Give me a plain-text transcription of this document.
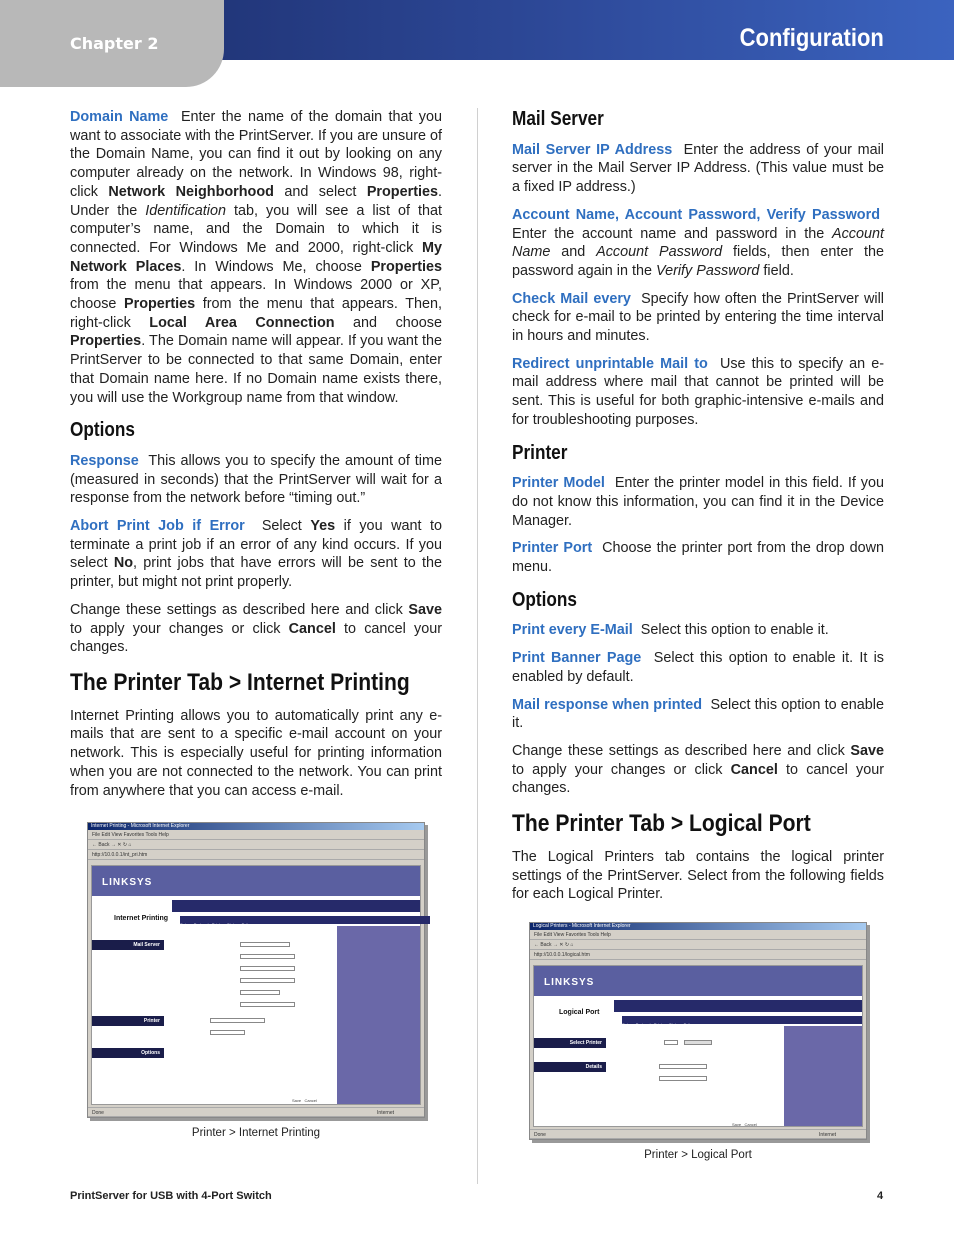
Chapter 2	Configuration

Domain Name Enter the name of the domain that you want to associate with the PrintServer. If you are unsure of the Domain Name, you can find it out by looking on any computer already on the network. In Windows 98, right-click Network Neighborhood and select Properties. Under the Identification tab, you will see a list of that computer’s name, and the Domain to which it is connected. For Windows Me and 2000, right-click My Network Places. In Windows Me, choose Properties from the menu that appears. In Windows 2000 or XP, choose Properties from the menu that appears. Then, right-click Local Area Connection and choose Properties. The Domain name will appear. If you want the PrintServer to be connected to that same Domain, enter that Domain name here. If no Domain name exists there, you will use the Workgroup name from that window.

Options

Response This allows you to specify the amount of time (measured in seconds) that the PrintServer will wait for a response from the network before “timing out.”

Abort Print Job if Error Select Yes if you want to terminate a print job if an error of any kind occurs. If you select No, print jobs that have errors will be sent to the printer, but might not print properly.

Change these settings as described here and click Save to apply your changes or click Cancel to cancel your changes.

The Printer Tab > Internet Printing

Internet Printing allows you to automatically print any e-mails that are sent to a specific e-mail account on your network. This is especially useful for printing information when you are not connected to the network. You can print from anywhere that you can access e-mail.

Internet Printing - Microsoft Internet Explorer
File Edit View Favorites Tools Help
← Back → ✕ ↻ ⌂
http://10.0.0.1/int_pri.htm
LINKSYS
Internet Printing
Setup Protocol Printer Status Exit
Mail Server
Printer
Options
Save Cancel
Done	Internet
Printer > Internet Printing
Mail Server

Mail Server IP Address Enter the address of your mail server in the Mail Server IP Address. (This value must be a fixed IP address.)

Account Name, Account Password, Verify Password  Enter the account name and password in the Account Name and Account Password fields, then enter the password again in the Verify Password field.

Check Mail every Specify how often the PrintServer will check for e-mail to be printed by entering the time interval in hours and minutes.

Redirect unprintable Mail to Use this to specify an e-mail address where mail that cannot be printed will be sent. This is useful for both graphic-intensive e-mails and for troubleshooting purposes.

Printer

Printer Model Enter the printer model in this field. If you do not know this information, you can find it in the Device Manager.

Printer Port Choose the printer port from the drop down menu.

Options

Print every E-Mail Select this option to enable it.

Print Banner Page Select this option to enable it. It is enabled by default.

Mail response when printed Select this option to enable it.

Change these settings as described here and click Save to apply your changes or click Cancel to cancel your changes.

The Printer Tab > Logical Port

The Logical Printers tab contains the logical printer settings of the PrintServer. Select from the following fields for each Logical Printer.

Logical Printers - Microsoft Internet Explorer
File Edit View Favorites Tools Help
← Back → ✕ ↻ ⌂
http://10.0.0.1/logical.htm
LINKSYS
Logical Port
Setup Protocol Printer Status Exit
Select Printer
Details
Save Cancel
Done	Internet
Printer > Logical Port
PrintServer for USB with 4-Port Switch	4
